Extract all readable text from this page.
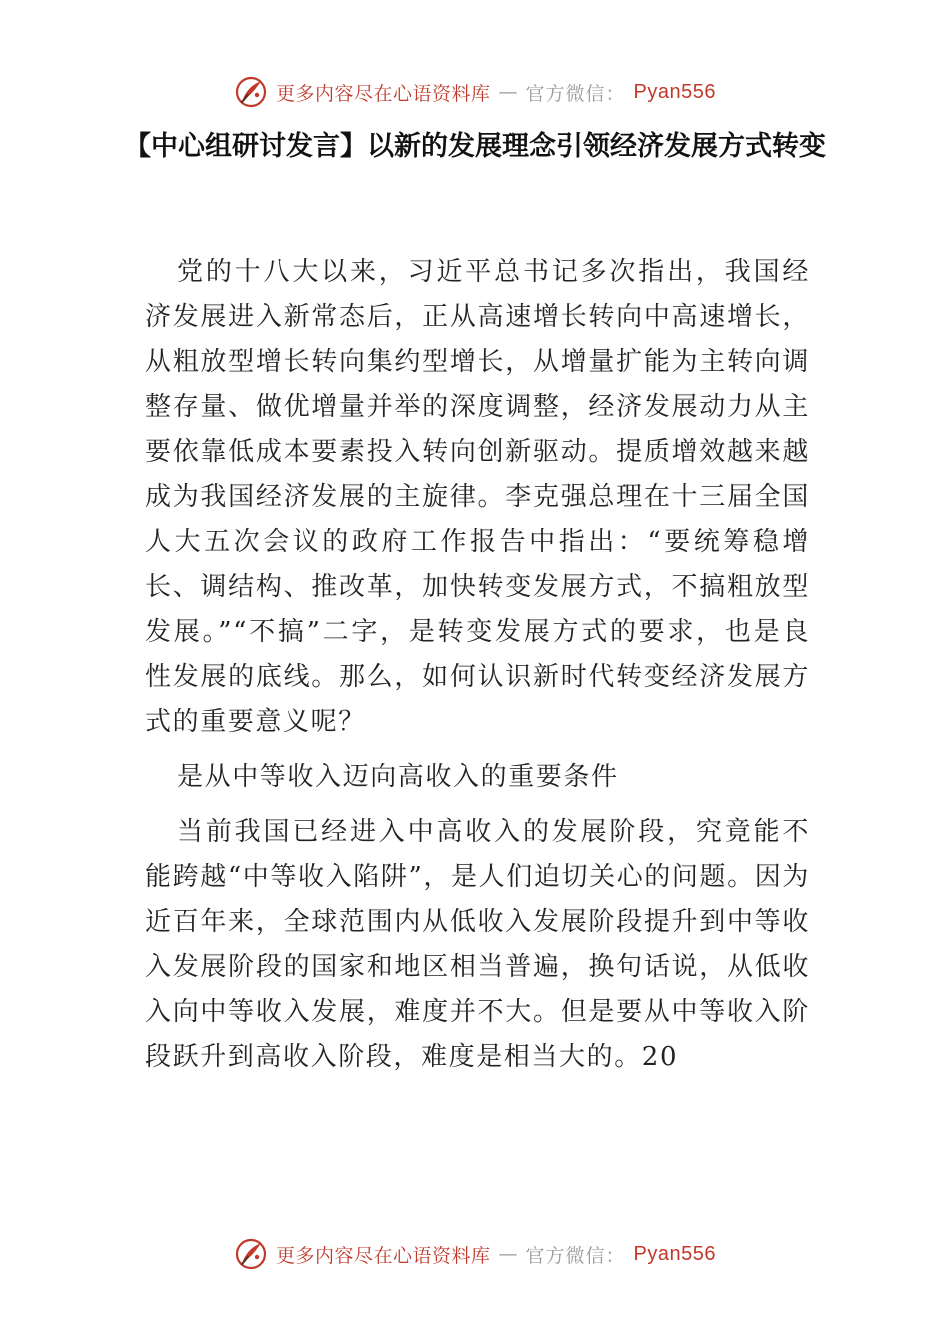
更多内容尽在心语资料库 — 官方微信： Pyan556
【中心组研讨发言】以新的发展理念引领经济发展方式转变

党的十八大以来，习近平总书记多次指出，我国经济发展进入新常态后，正从高速增长转向中高速增长，从粗放型增长转向集约型增长，从增量扩能为主转向调整存量、做优增量并举的深度调整，经济发展动力从主要依靠低成本要素投入转向创新驱动。提质增效越来越成为我国经济发展的主旋律。李克强总理在十三届全国人大五次会议的政府工作报告中指出：“要统筹稳增长、调结构、推改革，加快转变发展方式，不搞粗放型发展。”“不搞”二字，是转变发展方式的要求，也是良性发展的底线。那么，如何认识新时代转变经济发展方式的重要意义呢？

是从中等收入迈向高收入的重要条件

当前我国已经进入中高收入的发展阶段，究竟能不能跨越“中等收入陷阱”，是人们迫切关心的问题。因为近百年来，全球范围内从低收入发展阶段提升到中等收入发展阶段的国家和地区相当普遍，换句话说，从低收入向中等收入发展，难度并不大。但是要从中等收入阶段跃升到高收入阶段，难度是相当大的。20

更多内容尽在心语资料库 — 官方微信： Pyan556
